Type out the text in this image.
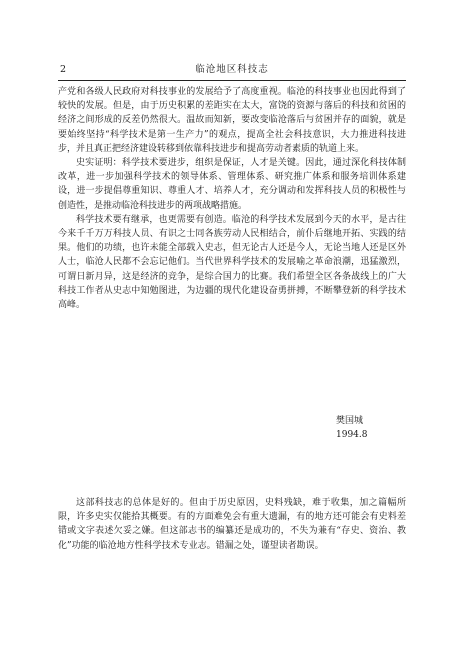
2	临沧地区科技志

产党和各级人民政府对科技事业的发展给予了高度重视。临沧的科技事业也因此得到了较快的发展。但是，由于历史积累的差距实在太大，富饶的资源与落后的科技和贫困的经济之间形成的反差仍然很大。温故而知新，要改变临沧落后与贫困并存的面貌，就是要始终坚持“科学技术是第一生产力”的观点，提高全社会科技意识，大力推进科技进步，并且真正把经济建设转移到依靠科技进步和提高劳动者素质的轨道上来。

史实证明：科学技术要进步，组织是保证，人才是关键。因此，通过深化科技体制改革，进一步加强科学技术的领导体系、管理体系、研究推广体系和服务培训体系建设，进一步提倡尊重知识、尊重人才、培养人才，充分调动和发挥科技人员的积极性与创造性，是推动临沧科技进步的两项战略措施。

科学技术要有继承，也更需要有创造。临沧的科学技术发展到今天的水平，是古往今来千千万万科技人员、有识之士同各族劳动人民相结合，前仆后继地开拓、实践的结果。他们的功绩，也许未能全部载入史志，但无论古人还是今人，无论当地人还是区外人士，临沧人民都不会忘记他们。当代世界科学技术的发展喻之革命浪潮，迅猛激烈，可谓日新月异，这是经济的竞争，是综合国力的比赛。我们希望全区各条战线上的广大科技工作者从史志中知勉图进，为边疆的现代化建设奋勇拼搏，不断攀登新的科学技术高峰。

樊国城
1994.8

这部科技志的总体是好的。但由于历史原因，史料残缺，难于收集，加之篇幅所限，许多史实仅能拾其概要。有的方面难免会有重大遗漏，有的地方还可能会有史料差错或文字表述欠妥之嫌。但这部志书的编纂还是成功的，不失为兼有“存史、资治、教化”功能的临沧地方性科学技术专业志。错漏之处，谨望读者勘误。
